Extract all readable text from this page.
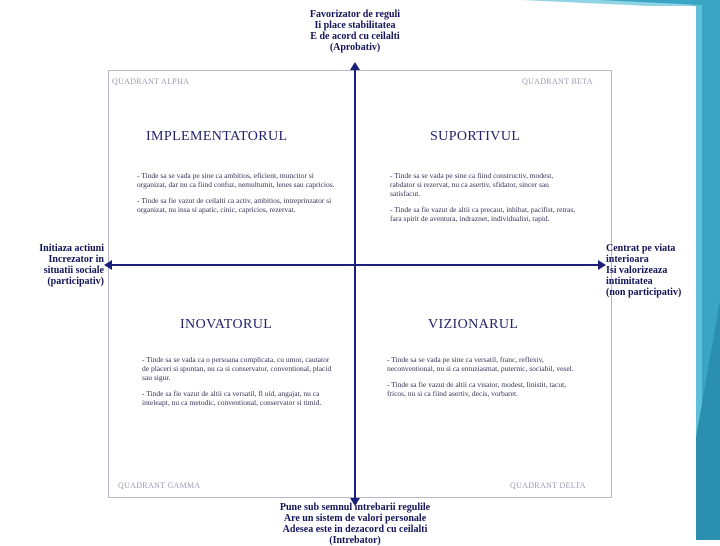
Favorizator de reguli
Ii place stabilitatea
E de acord cu ceilalti
(Aprobativ)
Pune sub semnul intrebarii regulile
Are un sistem de valori personale
Adesea este in dezacord cu ceilalti
(Intrebator)
Initiaza actiuni
Increzator in
situatii sociale
(participativ)
Centrat pe viata
interioara
Isi valorizeaza
intimitatea
(non participativ)
QUADRANT ALPHA	QUADRANT BETA
QUADRANT GAMMA	QUADRANT DELTA
IMPLEMENTATORUL	SUPORTIVUL
INOVATORUL	VIZIONARUL

- Tinde sa se vada pe sine ca ambitios, eficient, muncitor si organizat, dar nu ca fiind confuz, nemultumit, lenes sau capricios.

- Tinde sa fie vazut de ceilalti ca activ, ambitios, intreprinzator si organizat, nu insa si apatic, cinic, capricios, rezervat.

- Tinde sa se vada pe sine ca fiind constructiv, modest, rabdator si rezervat, nu ca asertiv, sfidator, sincer sau satisfacut.

- Tinde sa fie vazut de altii ca precaut, inhibat, pacifist, retras, fara spirit de aventura, indraznet, individualist, rapid.

- Tinde sa se vada ca o persoana complicata, cu umor, cautator de placeri si spontan, nu ca si conservator, conventional, placid sau sigur.

- Tinde sa fie vazut de altii ca versatil, fl uid, angajat, nu ca inteleapt, nu ca metodic, conventional, conservator si timid.

- Tinde sa se vada pe sine ca versatil, franc, reflexiv, neconventional, nu si ca entuziasmat, puternic, sociabil, vesel.

- Tinde sa fie vazut de altii ca visator, modest, linistit, tacut, fricos, nu si ca fiind asertiv, decis, vorbaret.
